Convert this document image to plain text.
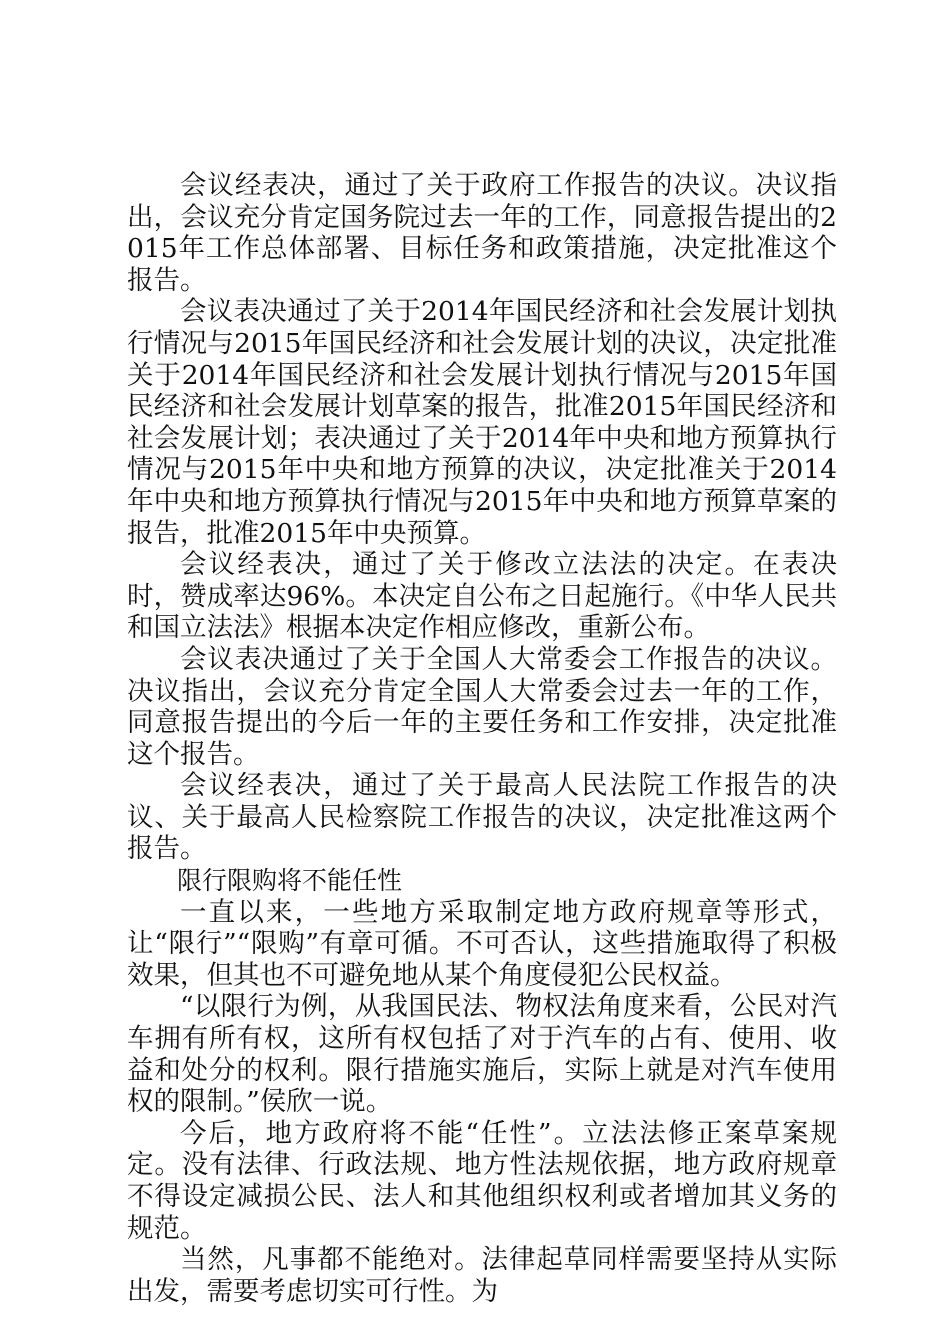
会议经表决，通过了关于政府工作报告的决议。决议指出，会议充分肯定国务院过去一年的工作，同意报告提出的2015年工作总体部署、目标任务和政策措施，决定批准这个报告。

会议表决通过了关于2014年国民经济和社会发展计划执行情况与2015年国民经济和社会发展计划的决议，决定批准关于2014年国民经济和社会发展计划执行情况与2015年国民经济和社会发展计划草案的报告，批准2015年国民经济和社会发展计划；表决通过了关于2014年中央和地方预算执行情况与2015年中央和地方预算的决议，决定批准关于2014年中央和地方预算执行情况与2015年中央和地方预算草案的报告，批准2015年中央预算。

会议经表决，通过了关于修改立法法的决定。在表决时，赞成率达96%。本决定自公布之日起施行。《中华人民共和国立法法》根据本决定作相应修改，重新公布。

会议表决通过了关于全国人大常委会工作报告的决议。决议指出，会议充分肯定全国人大常委会过去一年的工作，同意报告提出的今后一年的主要任务和工作安排，决定批准这个报告。

会议经表决，通过了关于最高人民法院工作报告的决议、关于最高人民检察院工作报告的决议，决定批准这两个报告。

限行限购将不能任性

一直以来，一些地方采取制定地方政府规章等形式，让“限行”“限购”有章可循。不可否认，这些措施取得了积极效果，但其也不可避免地从某个角度侵犯公民权益。

“以限行为例，从我国民法、物权法角度来看，公民对汽车拥有所有权，这所有权包括了对于汽车的占有、使用、收益和处分的权利。限行措施实施后，实际上就是对汽车使用权的限制。”侯欣一说。

今后，地方政府将不能“任性”。立法法修正案草案规定。没有法律、行政法规、地方性法规依据，地方政府规章不得设定减损公民、法人和其他组织权利或者增加其义务的规范。

当然，凡事都不能绝对。法律起草同样需要坚持从实际出发，需要考虑切实可行性。为
